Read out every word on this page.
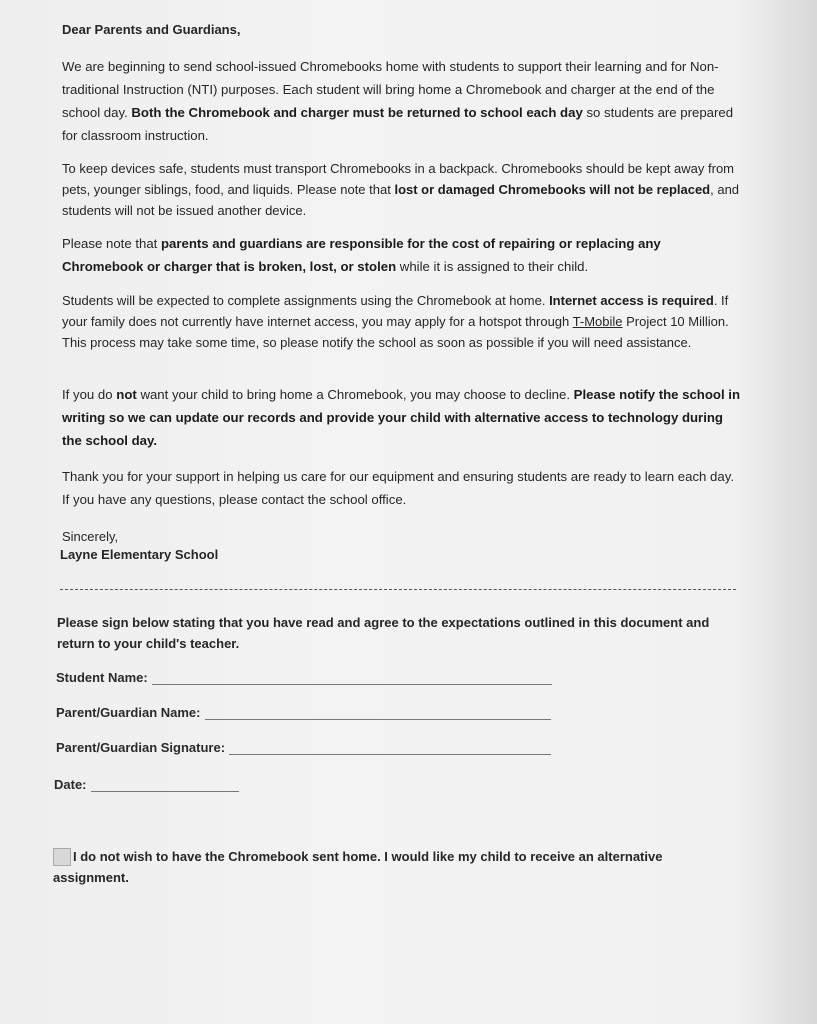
Dear Parents and Guardians,
We are beginning to send school-issued Chromebooks home with students to support their learning and for Non-traditional Instruction (NTI) purposes. Each student will bring home a Chromebook and charger at the end of the school day. Both the Chromebook and charger must be returned to school each day so students are prepared for classroom instruction.
To keep devices safe, students must transport Chromebooks in a backpack. Chromebooks should be kept away from pets, younger siblings, food, and liquids. Please note that lost or damaged Chromebooks will not be replaced, and students will not be issued another device.
Please note that parents and guardians are responsible for the cost of repairing or replacing any Chromebook or charger that is broken, lost, or stolen while it is assigned to their child.
Students will be expected to complete assignments using the Chromebook at home. Internet access is required. If your family does not currently have internet access, you may apply for a hotspot through T-Mobile Project 10 Million. This process may take some time, so please notify the school as soon as possible if you will need assistance.
If you do not want your child to bring home a Chromebook, you may choose to decline. Please notify the school in writing so we can update our records and provide your child with alternative access to technology during the school day.
Thank you for your support in helping us care for our equipment and ensuring students are ready to learn each day. If you have any questions, please contact the school office.
Sincerely,
Layne Elementary School
Please sign below stating that you have read and agree to the expectations outlined in this document and return to your child's teacher.
Student Name:
Parent/Guardian Name:
Parent/Guardian Signature:
Date:
I do not wish to have the Chromebook sent home. I would like my child to receive an alternative assignment.
